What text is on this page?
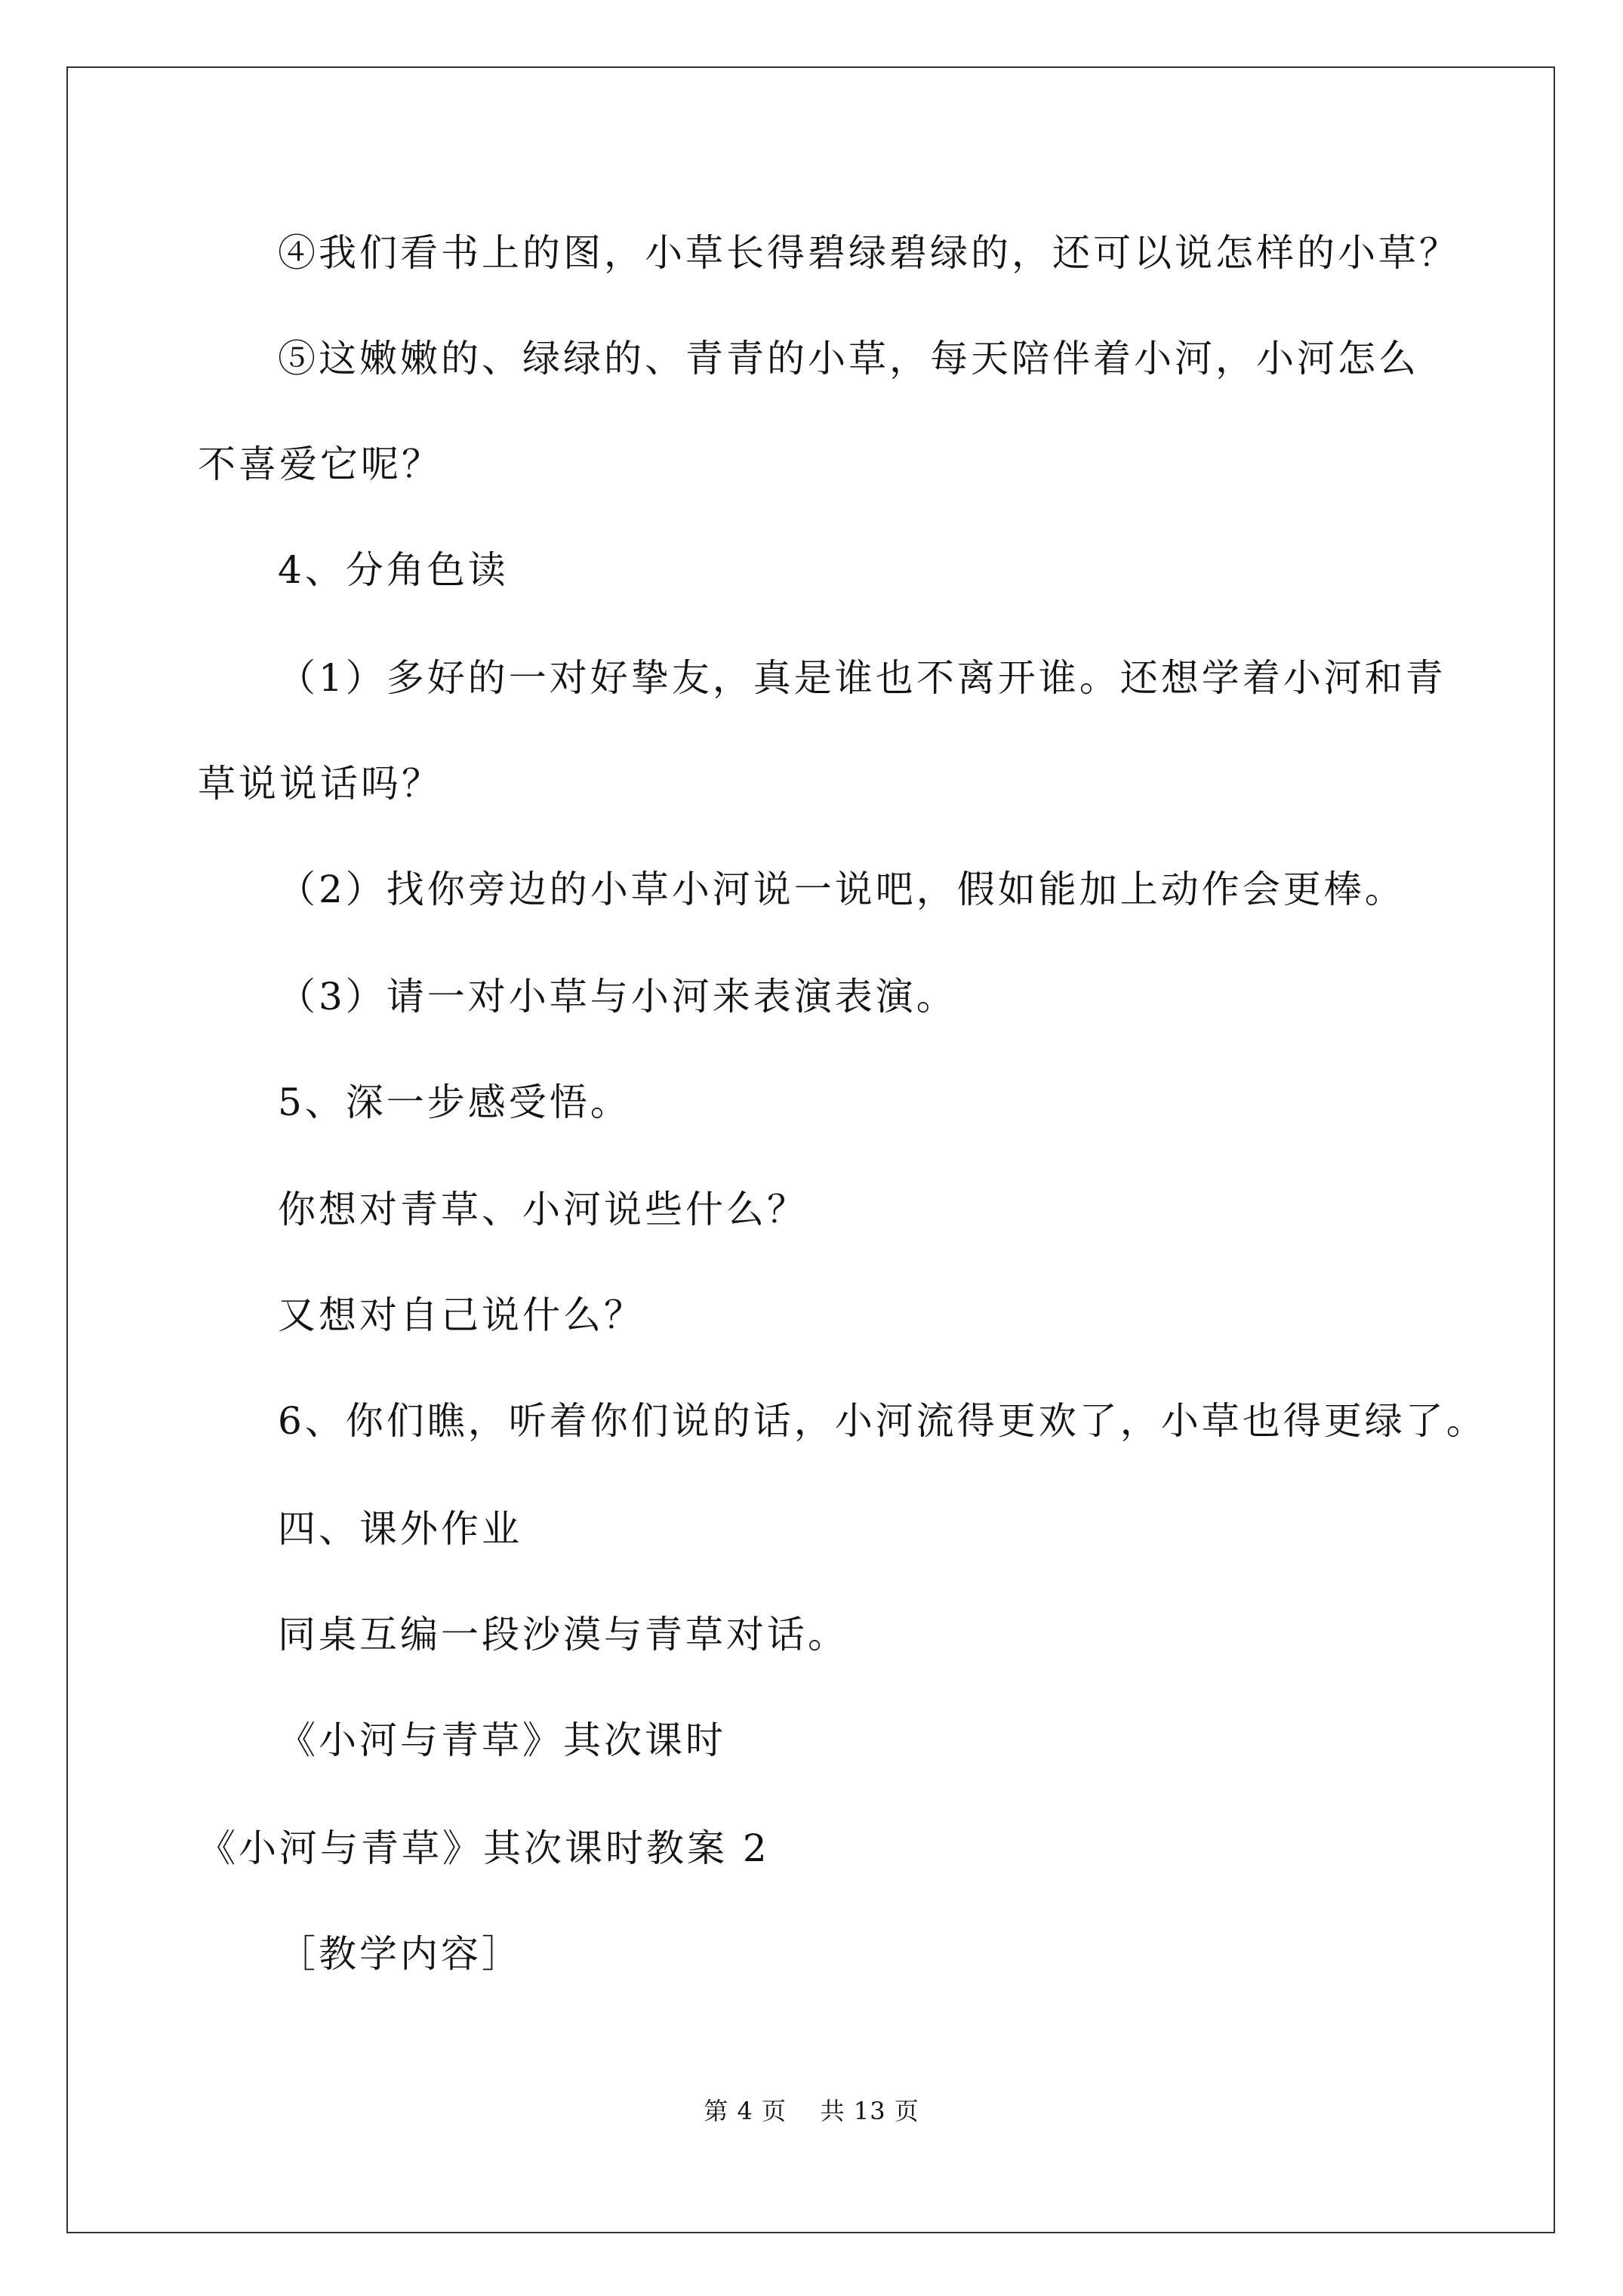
④我们看书上的图，小草长得碧绿碧绿的，还可以说怎样的小草？
⑤这嫩嫩的、绿绿的、青青的小草，每天陪伴着小河，小河怎么
不喜爱它呢？
4、分角色读
（1）多好的一对好挚友，真是谁也不离开谁。还想学着小河和青
草说说话吗？
（2）找你旁边的小草小河说一说吧，假如能加上动作会更棒。
（3）请一对小草与小河来表演表演。
5、深一步感受悟。
你想对青草、小河说些什么？
又想对自己说什么？
6、你们瞧，听着你们说的话，小河流得更欢了，小草也得更绿了。
四、课外作业
同桌互编一段沙漠与青草对话。
《小河与青草》其次课时
《小河与青草》其次课时教案 2
［教学内容］
第 4 页    共 13 页
